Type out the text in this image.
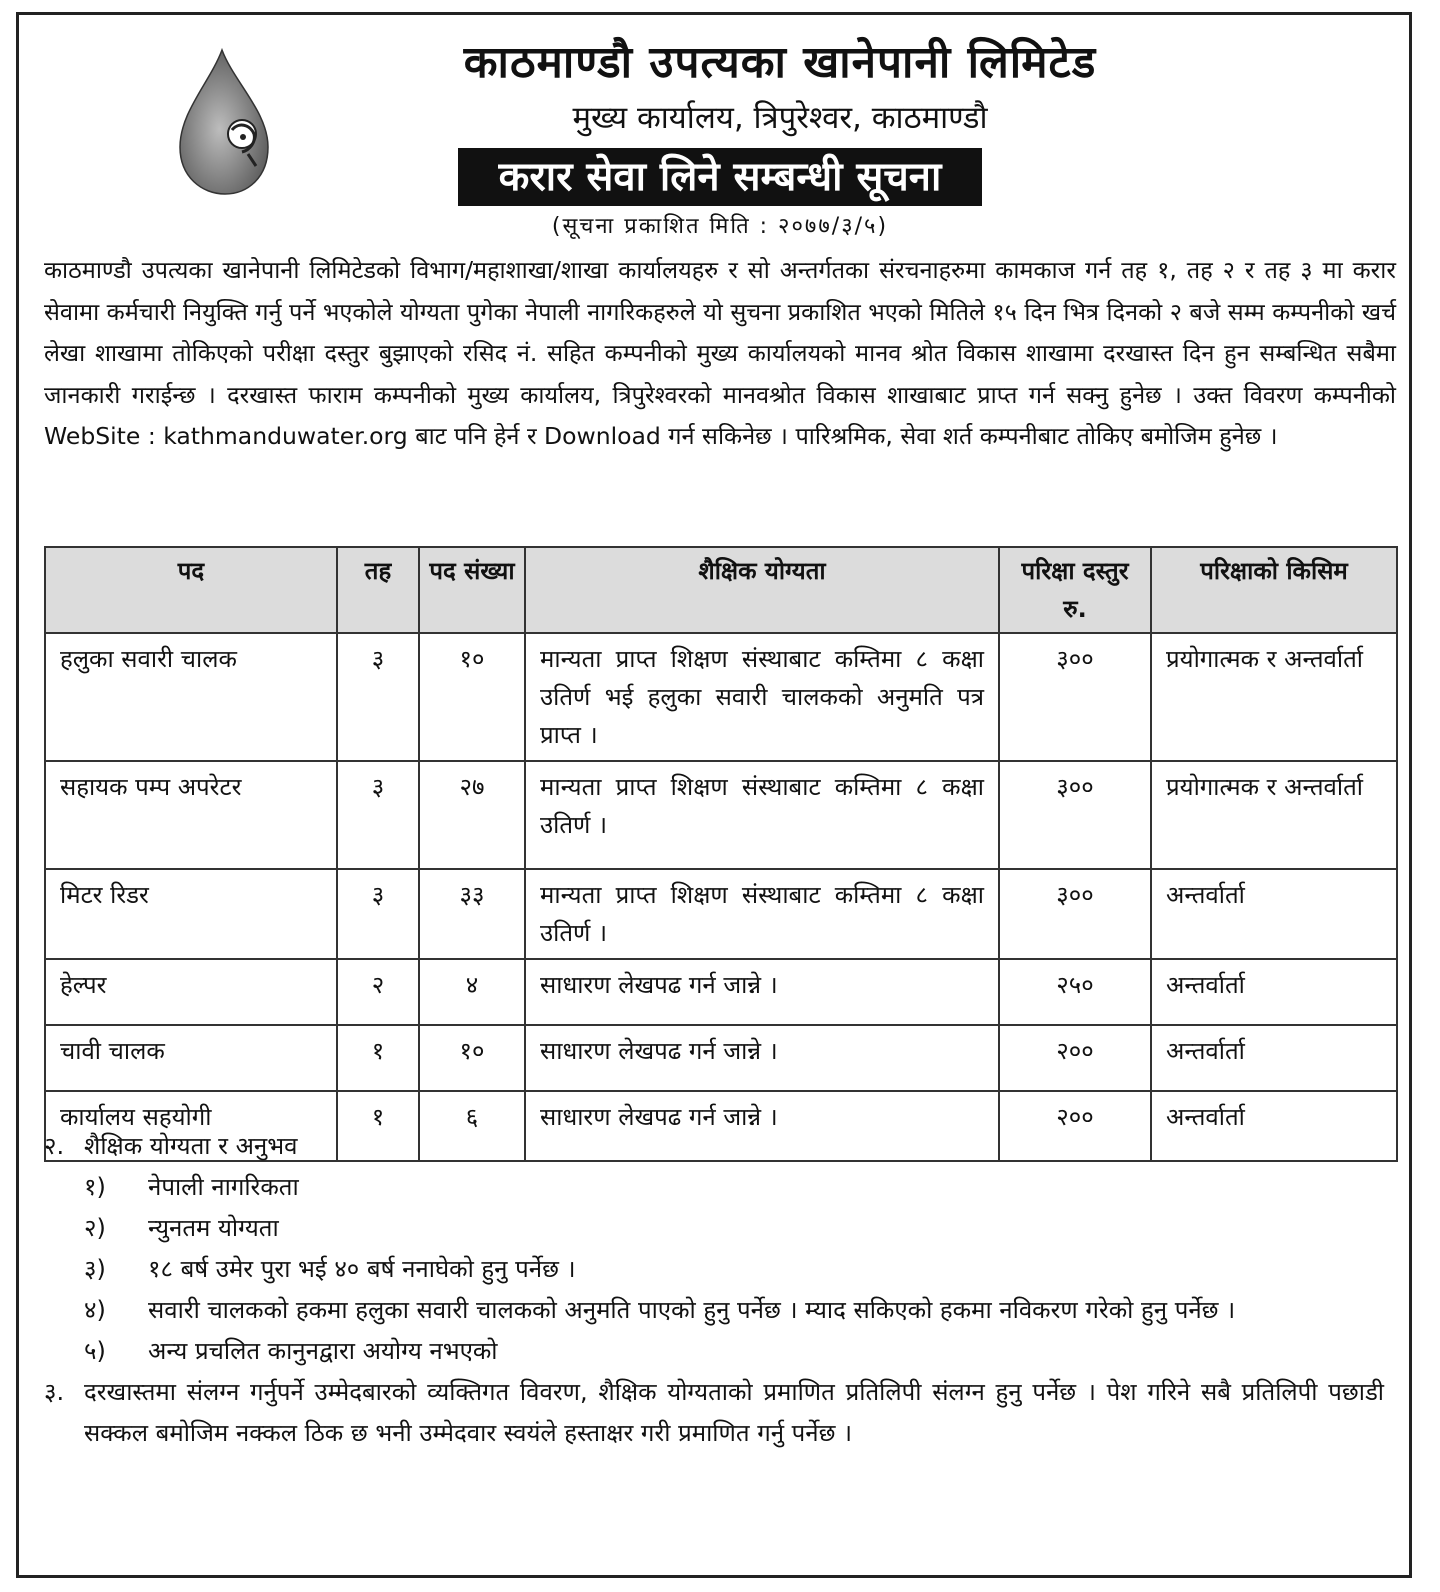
काठमाण्डौ उपत्यका खानेपानी लिमिटेड
मुख्य कार्यालय, त्रिपुरेश्वर, काठमाण्डौ
करार सेवा लिने सम्बन्धी सूचना
(सूचना प्रकाशित मिति : २०७७/३/५)

काठमाण्डौ उपत्यका खानेपानी लिमिटेडको विभाग/महाशाखा/शाखा कार्यालयहरु र सो अन्तर्गतका संरचनाहरुमा कामकाज गर्न तह १, तह २ र तह ३ मा करार सेवामा कर्मचारी नियुक्ति गर्नु पर्ने भएकोले योग्यता पुगेका नेपाली नागरिकहरुले यो सुचना प्रकाशित भएको मितिले १५ दिन भित्र दिनको २ बजे सम्म कम्पनीको खर्च लेखा शाखामा तोकिएको परीक्षा दस्तुर बुझाएको रसिद नं. सहित कम्पनीको मुख्य कार्यालयको मानव श्रोत विकास शाखामा दरखास्त दिन हुन सम्बन्धित सबैमा जानकारी गराईन्छ । दरखास्त फाराम कम्पनीको मुख्य कार्यालय, त्रिपुरेश्वरको मानवश्रोत विकास शाखाबाट प्राप्त गर्न सक्नु हुनेछ । उक्त विवरण कम्पनीको WebSite : kathmanduwater.org बाट पनि हेर्न र Download गर्न सकिनेछ । पारिश्रमिक, सेवा शर्त कम्पनीबाट तोकिए बमोजिम हुनेछ ।

पद	तह	पद संख्या	शैक्षिक योग्यता	परिक्षा दस्तुर रु.	परिक्षाको किसिम
हलुका सवारी चालक	३	१०	मान्यता प्राप्त शिक्षण संस्थाबाट कम्तिमा ८ कक्षा उतिर्ण भई हलुका सवारी चालकको अनुमति पत्र प्राप्त ।	३००	प्रयोगात्मक र अन्तर्वार्ता
सहायक पम्प अपरेटर	३	२७	मान्यता प्राप्त शिक्षण संस्थाबाट कम्तिमा ८ कक्षा उतिर्ण ।	३००	प्रयोगात्मक र अन्तर्वार्ता
मिटर रिडर	३	३३	मान्यता प्राप्त शिक्षण संस्थाबाट कम्तिमा ८ कक्षा उतिर्ण ।	३००	अन्तर्वार्ता
हेल्पर	२	४	साधारण लेखपढ गर्न जान्ने ।	२५०	अन्तर्वार्ता
चावी चालक	१	१०	साधारण लेखपढ गर्न जान्ने ।	२००	अन्तर्वार्ता
कार्यालय सहयोगी	१	६	साधारण लेखपढ गर्न जान्ने ।	२००	अन्तर्वार्ता
२. शैक्षिक योग्यता र अनुभव
१)	नेपाली नागरिकता
२)	न्युनतम योग्यता
३)	१८ बर्ष उमेर पुरा भई ४० बर्ष ननाघेको हुनु पर्नेछ ।
४)	सवारी चालकको हकमा हलुका सवारी चालकको अनुमति पाएको हुनु पर्नेछ । म्याद सकिएको हकमा नविकरण गरेको हुनु पर्नेछ ।
५)	अन्य प्रचलित कानुनद्वारा अयोग्य नभएको
३. दरखास्तमा संलग्न गर्नुपर्ने उम्मेदबारको व्यक्तिगत विवरण, शैक्षिक योग्यताको प्रमाणित प्रतिलिपी संलग्न हुनु पर्नेछ । पेश गरिने सबै प्रतिलिपी पछाडी सक्कल बमोजिम नक्कल ठिक छ भनी उम्मेदवार स्वयंले हस्ताक्षर गरी प्रमाणित गर्नु पर्नेछ ।
